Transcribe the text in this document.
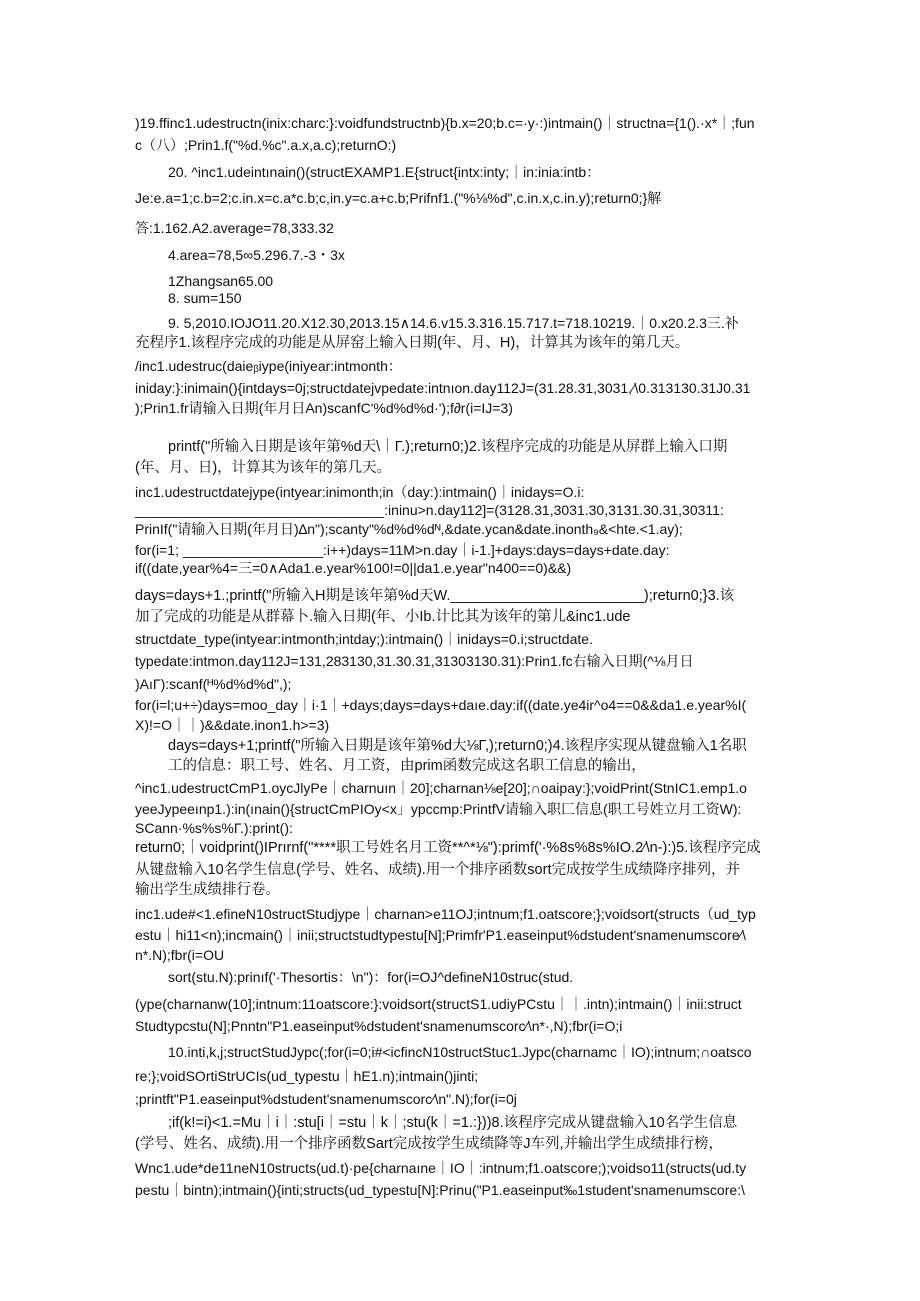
)19.ffinc1.udestructn(inix:charc:}:voidfundstructnb){b.x=20;b.c=·y·:)intmain()｜structna={1().·x*｜;fun
c（八）;Prin1.f("%d.%c".a.x,a.c);returnO:)
20. ^inc1.udeintınain()(structEXAMP1.E{struct{intx:inty;｜in:inia:intb：
Je:e.a=1;c.b=2;c.in.x=c.a*c.b;c,in.y=c.a+c.b;Prifnf1.("%⅛%d",c.in.x,c.in.y);return0;}解
答:1.162.A2.average=78,333.32
4.area=78,5∞5.296.7.-3・3x
1Zhangsan65.00
8. sum=150
9. 5,2010.IOJO11.20.X12.30,2013.15∧14.6.v15.3.316.15.717.t=718.10219.｜0.x20.2.3三.补
充程序1.该程序完成的功能是从屏窑上输入日期(年、月、H)，计算其为该年的第几天。
/inc1.udestruc(daieᵦiype(iniyear:intmonth：
iniday:}:inimain(){intdays=0j;structdatejvpedate:intnıon.day112J=(31.28.31,3031,∕\0.313130.31J0.31
);Prin1.fr请输入日期(年月日An)scanfC'%d%d%d·');f∂r(i=IJ=3)
printf("所输入日期是该年第%d天\｜Γ.);return0;)2.该程序完成的功能是从屏群上输入口期
(年、月、日)，计算其为该年的第几天。
inc1.udestructdatejype(intyear:inimonth;in（day:):intmain()｜inidays=O.i:
________________________________:ininu>n.day112]=(3128.31,3031.30,3131.30.31,30311:
PrinIf("请输入日期(年月日)∆n");scanty"%d%d%dᴺ,&date.ycan&date.inonth₉&<hte.<1.ay);
for(i=1; __________________:i++)days=11M>n.day｜i-1.]+days:days=days+date.day:
if((date,year%4=三=0∧Ada1.e.year%100!=0||da1.e.year"n400==0)&&)
days=days+1.;printf("所输入H期是该年第%d天W.________________________);return0;}3.该
加了完成的功能是从群幕卜.输入日期(年、小Ib.计比其为该年的第儿&inc1.ude
structdate_type(intyear:intmonth;intday;):intmain()｜inidays=0.i;structdate.
typedate:intmon.day112J=131,283130,31.30.31,31303130.31):Prin1.fc右输入日期(^⅛月日
)AıΓ):scanf(ᴴ%d%d%d",);
for(i=l;u+÷)days=moo_day｜i·1｜+days;days=days+daıe.day:if((date.ye4ir^o4==0&&da1.e.year%I(
X)!=O｜｜)&&date.inon1.h>=3)
days=days+1;printf("所输入日期是该年第%d大⅛Γ,);return0;)4.该程序实现从键盘输入1名职
工的信息：职工号、姓名、月工资，由prim函数完成这名职工信息的输出，
^inc1.udestructCmP1.oycJlyPe｜charnuın｜20];charnan⅛e[20];∩oaipay:};voidPrint(StnIC1.emp1.o
yeeJypeeınp1.):in(ınain(){structCmPIOy<x」ypccmp:PrintfV请输入职匚信息(职工号姓立月工资W):
SCann·%s%s%Γ.):print():
return0;｜voidprint()IPrırnf("****职工号姓名月工资**^*⅛"):primf('·%8s%8s%IO.2∕\n-):)5.该程序完成
从键盘输入10名学生信息(学号、姓名、成绩).用一个排序函数sort完成按学生成绩降序排列，并
输出学生成绩排行卷。
inc1.ude#<1.efineN10structStudjype｜charnan>e11OJ;intnum;f1.oatscore;};voidsort(structs（ud_typ
estu｜hi11<n);incmain()｜inii;structstudtypestu[N];Primfr'P1.easeinput%dstudent'snamenumscore∕\
n*.N);fbr(i=OU
sort(stu.N):prinıf('·Thesortis：\n")：for(i=OJ^defineN10struc(stud.
(ype(charnanw(10];intnum:11oatscore:}:voidsort(structS1.udiyPCstu｜｜.intn);intmain()｜inii:struct
Studtypcstu(N];Pnntn"P1.easeinput%dstudent'snamenumscorc∕\n*·,N);fbr(i=O;i
10.inti,k,j;structStudJypc(;for(i=0;i#<icfincN10structStuc1.Jypc(charnamc｜IO);intnum;∩oatsco
re;};voidSOrtiStrUCIs(ud_typestu｜hE1.n);intmain()jinti;
;printft"P1.easeinput%dstudent'snamenumscorc∕\n".N);for(i=0j
;if(k!=i)<1.=Mu｜i｜:stu[i｜=stu｜k｜;stu(k｜=1.:}))8.该程序完成从键盘输入10名学生信息
(学号、姓名、成绩).用一个排序函数Sart完成按学生成绩降等J车列,并输出学生成绩排行榜，
Wnc1.ude*de11neN10structs(ud.t)·pe{charnaıne｜IO｜:intnum;f1.oatscore;);voidso11(structs(ud.ty
pestu｜bintn);intmain(){inti;structs(ud_typestu[N]:Prinu("P1.easeinput‰1student'snamenumscore:\
